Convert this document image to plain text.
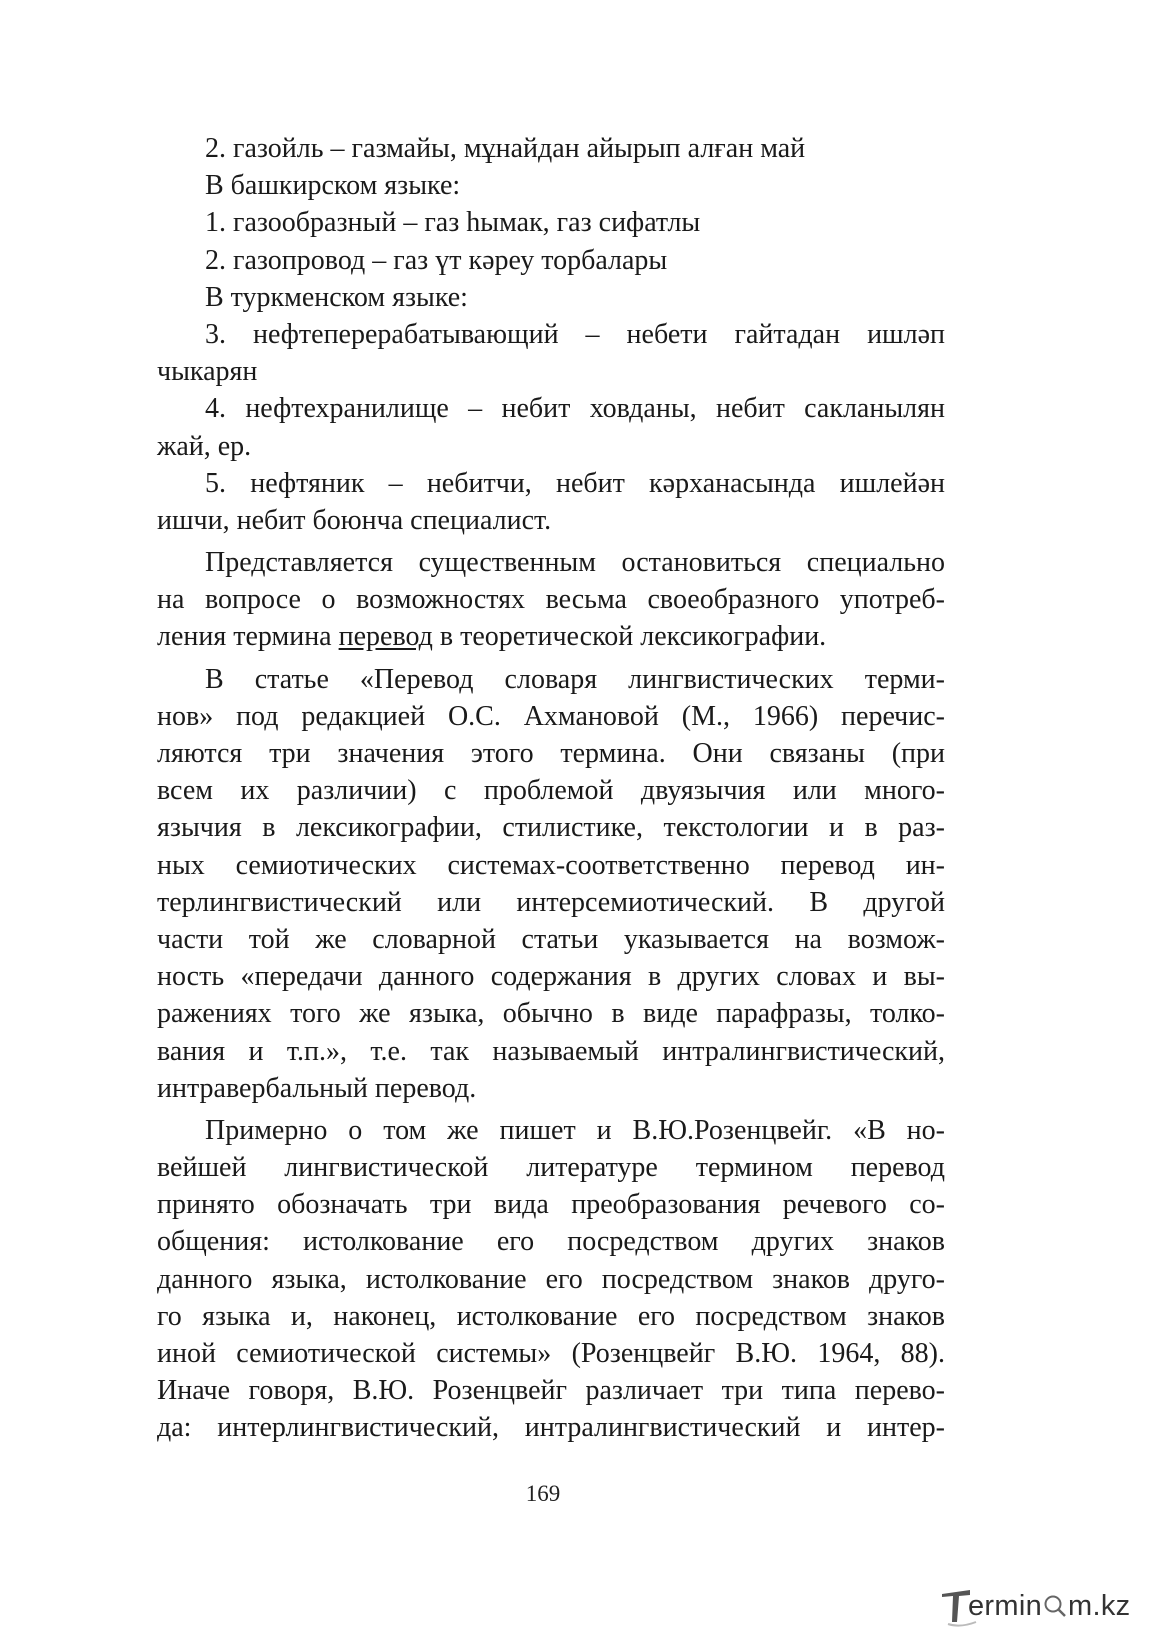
2. газойль – газмайы, мұнайдан айырып алған май
В башкирском языке:
1. газообразный – газ һымак, газ сифатлы
2. газопровод – газ үт кәреу торбалары
В туркменском языке:
3. нефтеперерабатывающий – небети гайтадан ишләп
чыкарян
4. нефтехранилище – небит ховданы, небит сакланылян
жай, ер.
5. нефтяник – небитчи, небит кәрханасында ишлейән
ишчи, небит боюнча специалист.
Представляется существенным остановиться специально
на вопросе о возможностях весьма своеобразного употреб-
ления термина перевод в теоретической лексикографии.
В статье «Перевод словаря лингвистических терми-
нов» под редакцией О.С. Ахмановой (М., 1966) перечис-
ляются три значения этого термина. Они связаны (при
всем их различии) с проблемой двуязычия или много-
язычия в лексикографии, стилистике, текстологии и в раз-
ных семиотических системах-соответственно перевод ин-
терлингвистический или интерсемиотический. В другой
части той же словарной статьи указывается на возмож-
ность «передачи данного содержания в других словах и вы-
ражениях того же языка, обычно в виде парафразы, толко-
вания и т.п.», т.е. так называемый интралингвистический,
интравербальный перевод.
Примерно о том же пишет и В.Ю.Розенцвейг. «В но-
вейшей лингвистической литературе термином перевод
принято обозначать три вида преобразования речевого со-
общения: истолкование его посредством других знаков
данного языка, истолкование его посредством знаков друго-
го языка и, наконец, истолкование его посредством знаков
иной семиотической системы» (Розенцвейг В.Ю. 1964, 88).
Иначе говоря, В.Ю. Розенцвейг различает три типа перево-
да: интерлингвистический, интралингвистический и интер-
169
ermin m.kz
